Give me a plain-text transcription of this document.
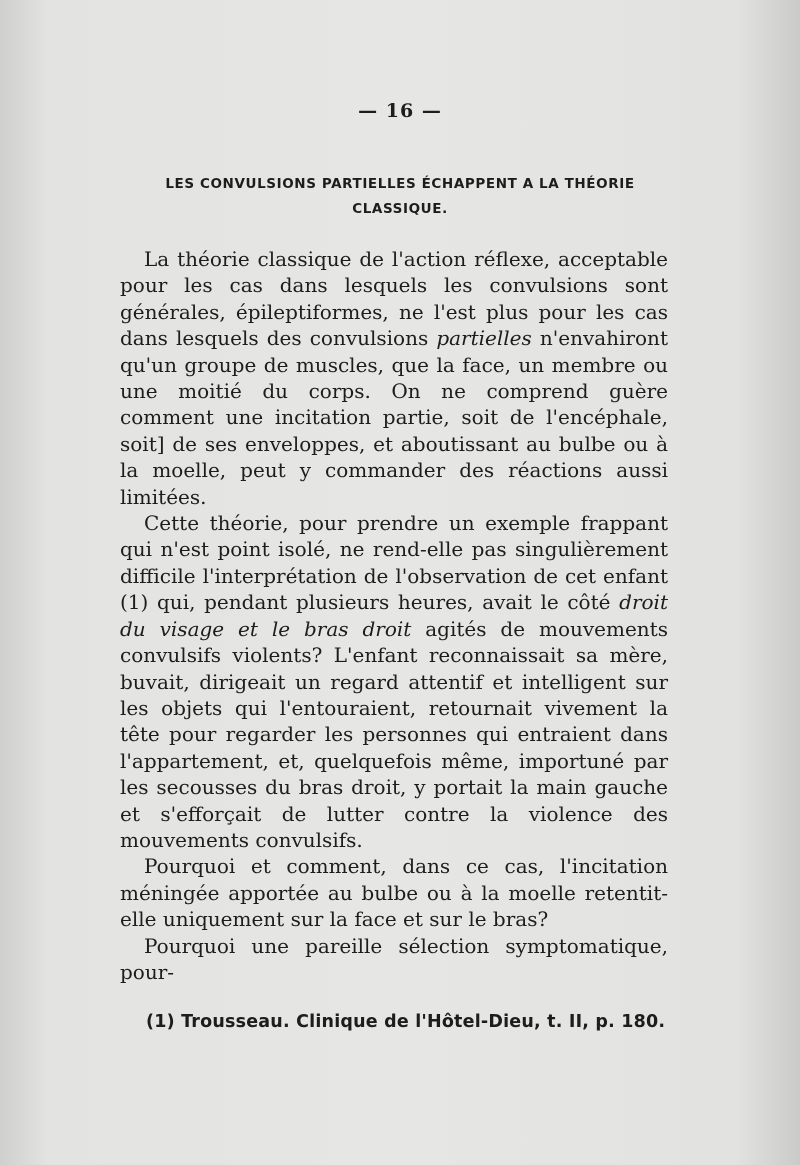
— 16 —
LES CONVULSIONS PARTIELLES ÉCHAPPENT A LA THÉORIE
CLASSIQUE.

La théorie classique de l'action réflexe, acceptable pour les cas dans lesquels les convulsions sont générales, épileptiformes, ne l'est plus pour les cas dans lesquels des convulsions partielles n'envahiront qu'un groupe de muscles, que la face, un membre ou une moitié du corps. On ne comprend guère comment une incitation partie, soit de l'encéphale, soit] de ses enveloppes, et aboutissant au bulbe ou à la moelle, peut y commander des réactions aussi limitées.

Cette théorie, pour prendre un exemple frappant qui n'est point isolé, ne rend-elle pas singulièrement difficile l'interprétation de l'observation de cet enfant (1) qui, pendant plusieurs heures, avait le côté droit du visage et le bras droit agités de mouvements convulsifs violents? L'enfant reconnaissait sa mère, buvait, dirigeait un regard attentif et intelligent sur les objets qui l'entouraient, retournait vivement la tête pour regarder les personnes qui entraient dans l'appartement, et, quelquefois même, importuné par les secousses du bras droit, y portait la main gauche et s'efforçait de lutter contre la violence des mouvements convulsifs.

Pourquoi et comment, dans ce cas, l'incitation méningée apportée au bulbe ou à la moelle retentit-elle uniquement sur la face et sur le bras?

Pourquoi une pareille sélection symptomatique, pour-

(1) Trousseau. Clinique de l'Hôtel-Dieu, t. II, p. 180.
